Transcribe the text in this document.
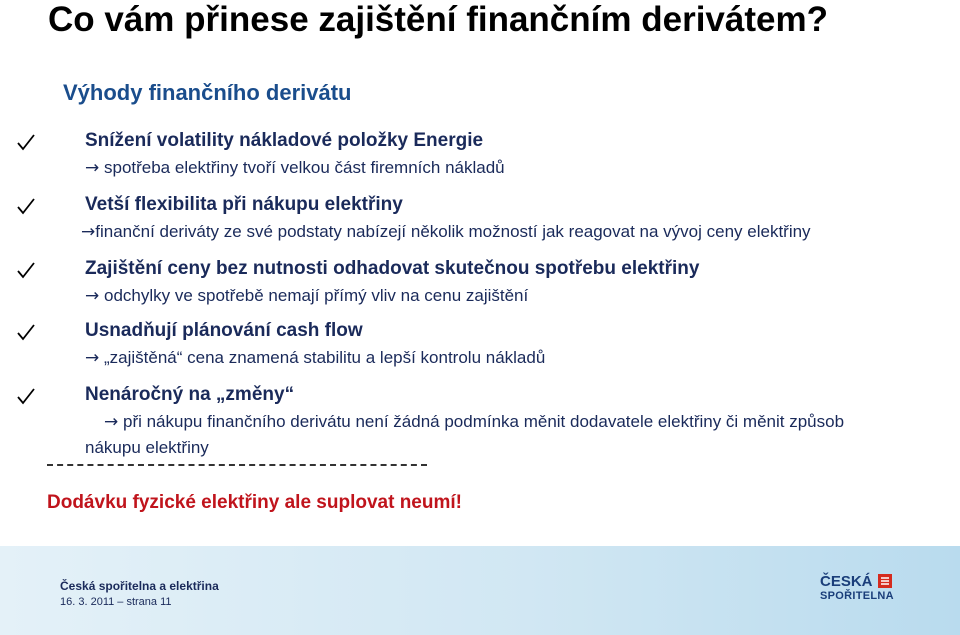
Co vám přinese zajištění finančním derivátem?
Výhody finančního derivátu
Snížení volatility nákladové položky Energie
→ spotřeba elektřiny tvoří velkou část firemních nákladů
Vetší flexibilita při nákupu elektřiny
→finanční deriváty ze své podstaty nabízejí několik možností jak reagovat na vývoj ceny elektřiny
Zajištění ceny bez nutnosti odhadovat skutečnou spotřebu elektřiny
→ odchylky ve spotřebě nemají přímý vliv na cenu zajištění
Usnadňují plánování cash flow
→ „zajištěná“ cena znamená stabilitu a lepší kontrolu nákladů
Nenáročný na „změny“
→ při nákupu finančního derivátu není žádná podmínka měnit dodavatele elektřiny či měnit způsob
nákupu elektřiny
Dodávku fyzické elektřiny ale suplovat neumí!
Česká spořitelna a elektřina
16. 3. 2011 – strana 11
ČESKÁ
SPOŘITELNA
